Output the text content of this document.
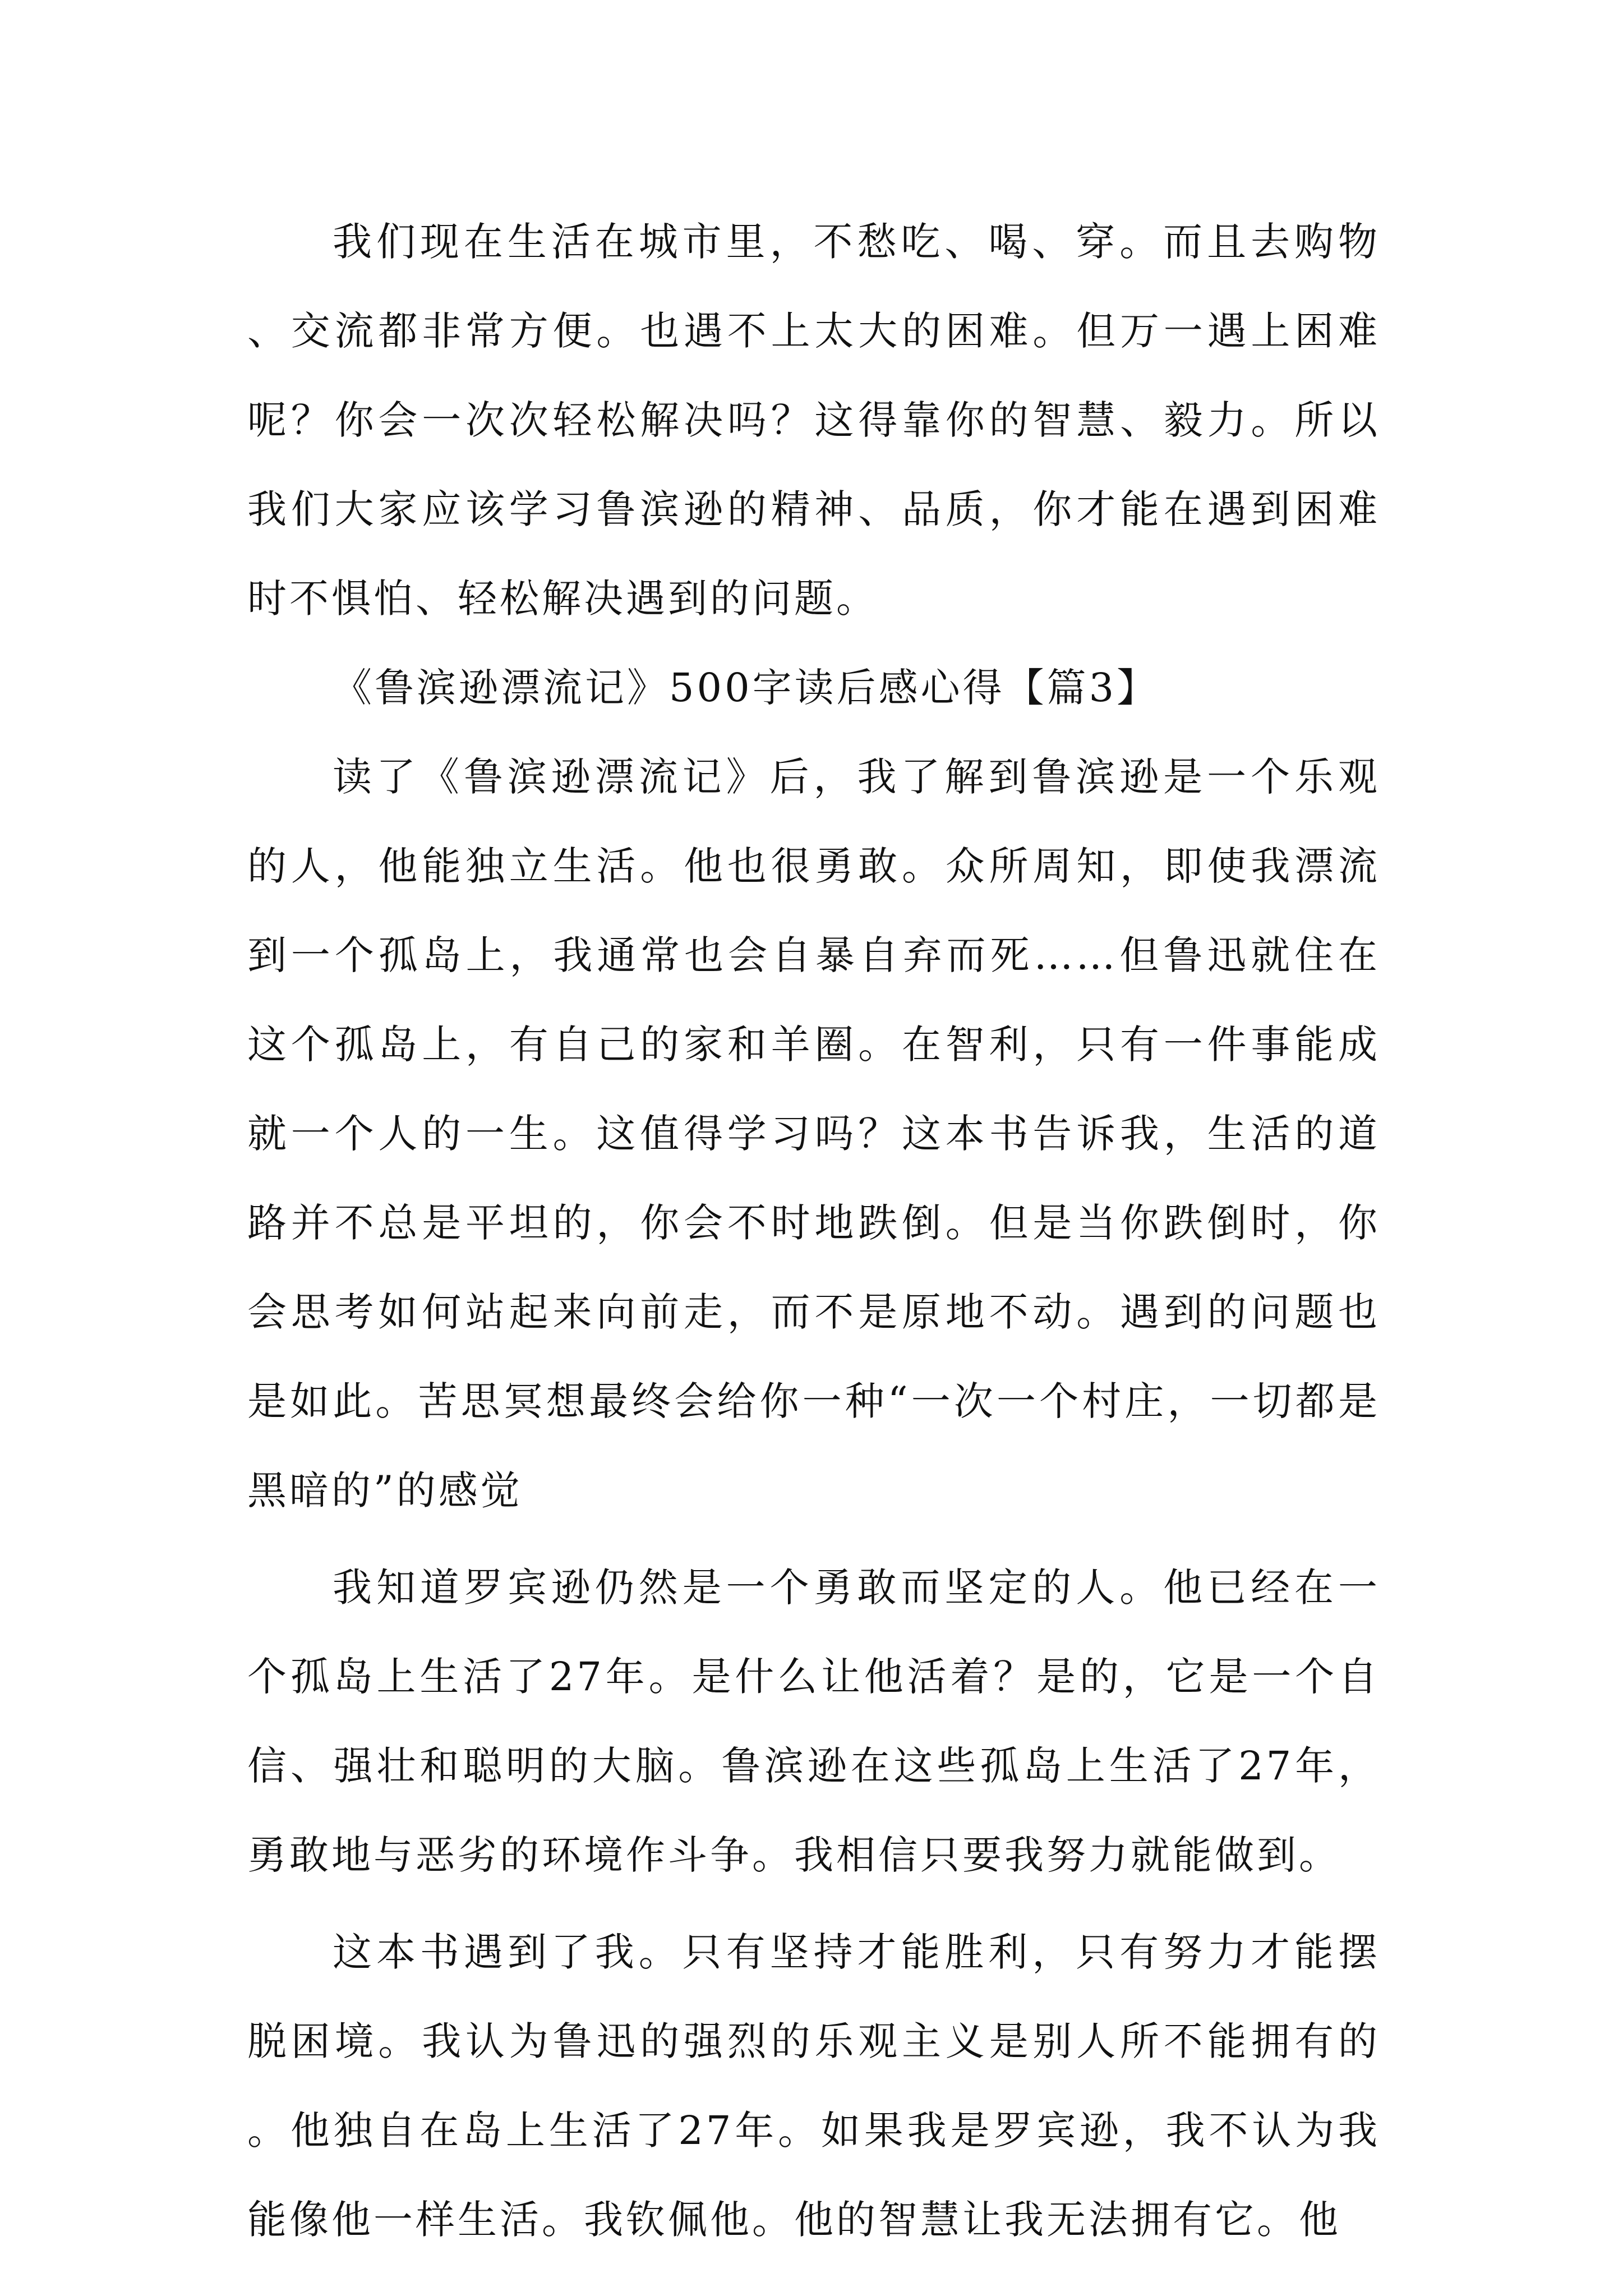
我们现在生活在城市里，不愁吃、喝、穿。而且去购物、交流都非常方便。也遇不上太大的困难。但万一遇上困难呢？你会一次次轻松解决吗？这得靠你的智慧、毅力。所以我们大家应该学习鲁滨逊的精神、品质，你才能在遇到困难时不惧怕、轻松解决遇到的问题。

《鲁滨逊漂流记》500字读后感心得【篇3】

读了《鲁滨逊漂流记》后，我了解到鲁滨逊是一个乐观的人，他能独立生活。他也很勇敢。众所周知，即使我漂流到一个孤岛上，我通常也会自暴自弃而死……但鲁迅就住在这个孤岛上，有自己的家和羊圈。在智利，只有一件事能成就一个人的一生。这值得学习吗？这本书告诉我，生活的道路并不总是平坦的，你会不时地跌倒。但是当你跌倒时，你会思考如何站起来向前走，而不是原地不动。遇到的问题也是如此。苦思冥想最终会给你一种“一次一个村庄，一切都是黑暗的”的感觉

我知道罗宾逊仍然是一个勇敢而坚定的人。他已经在一个孤岛上生活了27年。是什么让他活着？是的，它是一个自信、强壮和聪明的大脑。鲁滨逊在这些孤岛上生活了27年，勇敢地与恶劣的环境作斗争。我相信只要我努力就能做到。

这本书遇到了我。只有坚持才能胜利，只有努力才能摆脱困境。我认为鲁迅的强烈的乐观主义是别人所不能拥有的。他独自在岛上生活了27年。如果我是罗宾逊，我不认为我能像他一样生活。我钦佩他。他的智慧让我无法拥有它。他
